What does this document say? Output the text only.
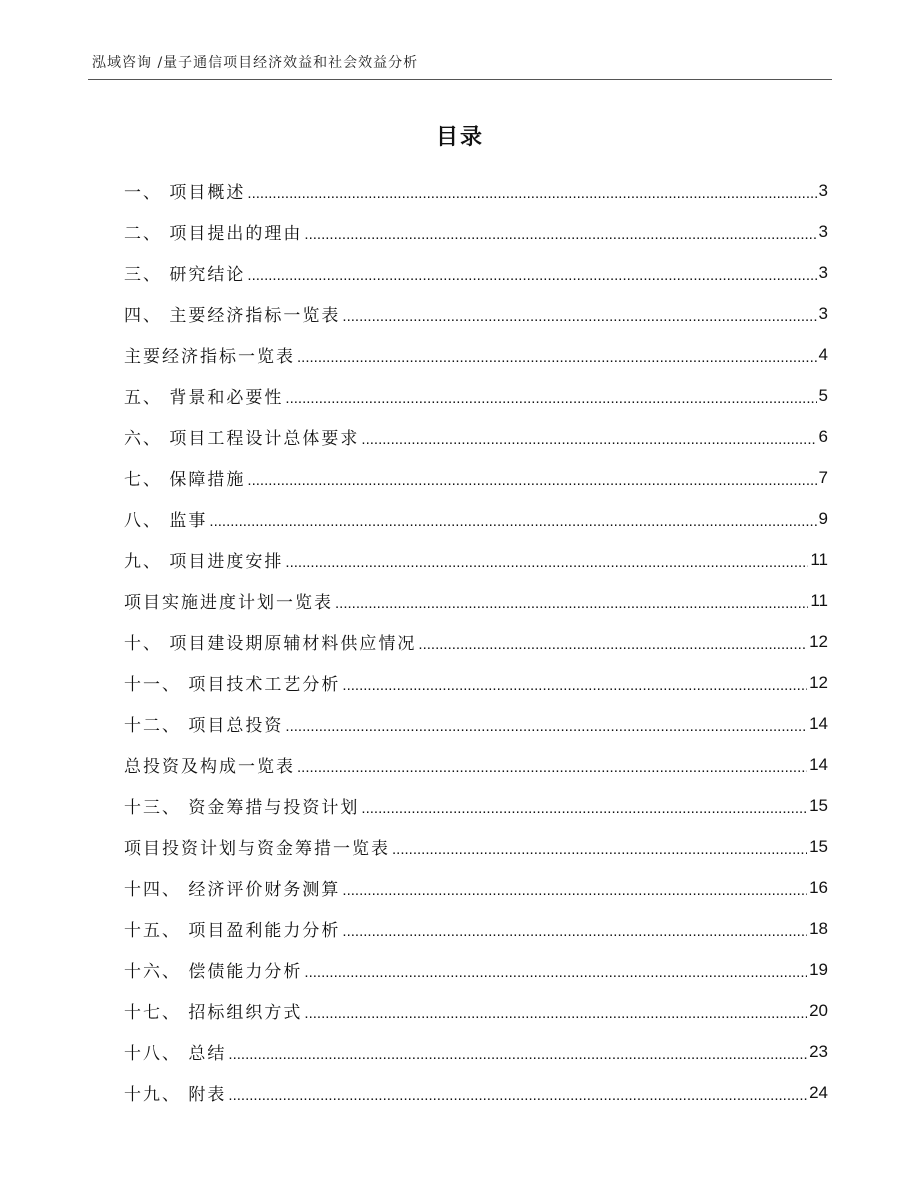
泓域咨询 /量子通信项目经济效益和社会效益分析
目录
一、 项目概述 .....	3
二、 项目提出的理由 .....	3
三、 研究结论 .....	3
四、 主要经济指标一览表 .....	3
主要经济指标一览表 .....	4
五、 背景和必要性 .....	5
六、 项目工程设计总体要求 .....	6
七、 保障措施 .....	7
八、 监事 .....	9
九、 项目进度安排 .....	11
项目实施进度计划一览表 .....	11
十、 项目建设期原辅材料供应情况 .....	12
十一、 项目技术工艺分析 .....	12
十二、 项目总投资 .....	14
总投资及构成一览表 .....	14
十三、 资金筹措与投资计划 .....	15
项目投资计划与资金筹措一览表 .....	15
十四、 经济评价财务测算 .....	16
十五、 项目盈利能力分析 .....	18
十六、 偿债能力分析 .....	19
十七、 招标组织方式 .....	20
十八、 总结 .....	23
十九、 附表 .....	24
